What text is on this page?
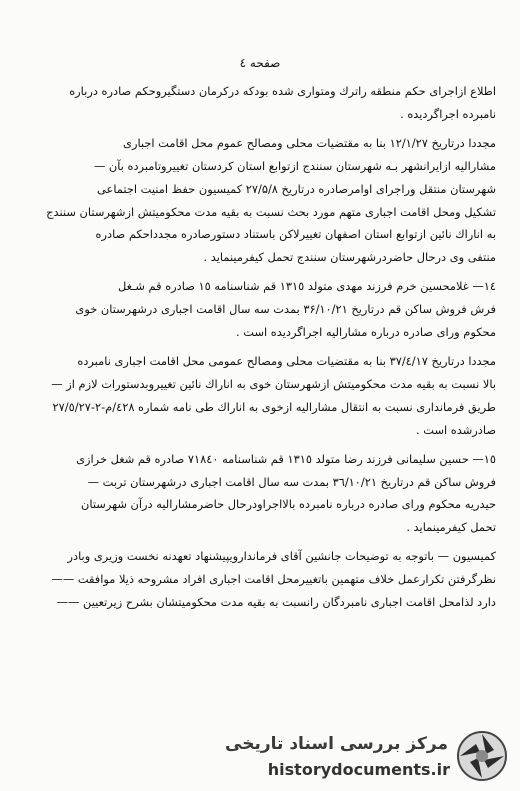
صفحه ٤

اطلاع ازاجرای حکم منطقه راترك ومتواری شده بودکه درکرمان دستگیروحکم صادره درباره

نامبرده اجراگردیده .

مجددا درتاریخ ۱۲/۱/۲۷ بنا به مقتضیات محلی ومصالح عموم محل اقامت اجباری

مشارالیه ازایرانشهر بـه شهرستان سنندج ازتوابع استان کردستان تغییروتامبرده بآن —

شهرستان منتقل وراجرای اوامرصادره درتاریخ ۲۷/۵/۸ کمیسیون حفظ امنیت اجتماعی

تشکیل ومحل اقامت اجباری متهم مورد بحث نسبت به بقیه مدت محکومیتش ازشهرستان سنندج

به اناراك نائین ازتوابع استان اصفهان تغییرلاکن باستناد دستورصادره مجدداحکم صادره

منتفی وی درحال حاضردرشهرستان سنندج تحمل کیفرمینماید .

١٤— غلامحسین خرم فرزند مهدی متولد ١٣١٥ قم شناسنامه ١٥ صادره قم شـغل

فرش فروش ساکن قم درتاریخ ۳۶/۱۰/۲۱ بمدت سه سال اقامت اجباری درشهرستان خوی

محکوم ورای صادره درباره مشارالیه اجراگردیده است .

مجددا درتاریخ ٣٧/٤/١٧ بنا به مقتضیات محلی ومصالح عمومی محل اقامت اجباری نامبرده

بالا نسبت به بقیه مدت محکومیتش ازشهرستان خوی به اناراك نائین تغییروبدستورات لازم از —

طریق فرمانداری نسبت به انتقال مشارالیه ازخوی به اناراك طی نامه شماره ٤٢٨/م-٢-٢٧/٥/٢٧

صادرشده است .

١٥— حسین سلیمانی فرزند رضا متولد ١٣١٥ قم شناسنامه ٧١٨٤٠ صادره قم شغل خرازی

فروش ساکن قم درتاریخ ٣٦/١٠/٢١ بمدت سه سال اقامت اجباری درشهرستان تربت —

حیدریه محکوم ورای صادره درباره نامبرده بالااجراودرحال حاضرمشارالیه درآن شهرستان

تحمل کیفرمینماید .

کمیسیون — باتوجه به توضیحات جانشین آقای فرماندارویپیشنهاد تعهدنه نخست وزیری وبادر

نظرگرفتن تکرارعمل خلاف متهمین باتغییرمحل اقامت اجباری افراد مشروحه ذیلا موافقت ——

دارد لذامحل اقامت اجباری نامبردگان رانسبت به بقیه مدت محکومیتشان بشرح زیرتعیین ——

مرکز بررسی اسناد تاریخی
historydocuments.ir
